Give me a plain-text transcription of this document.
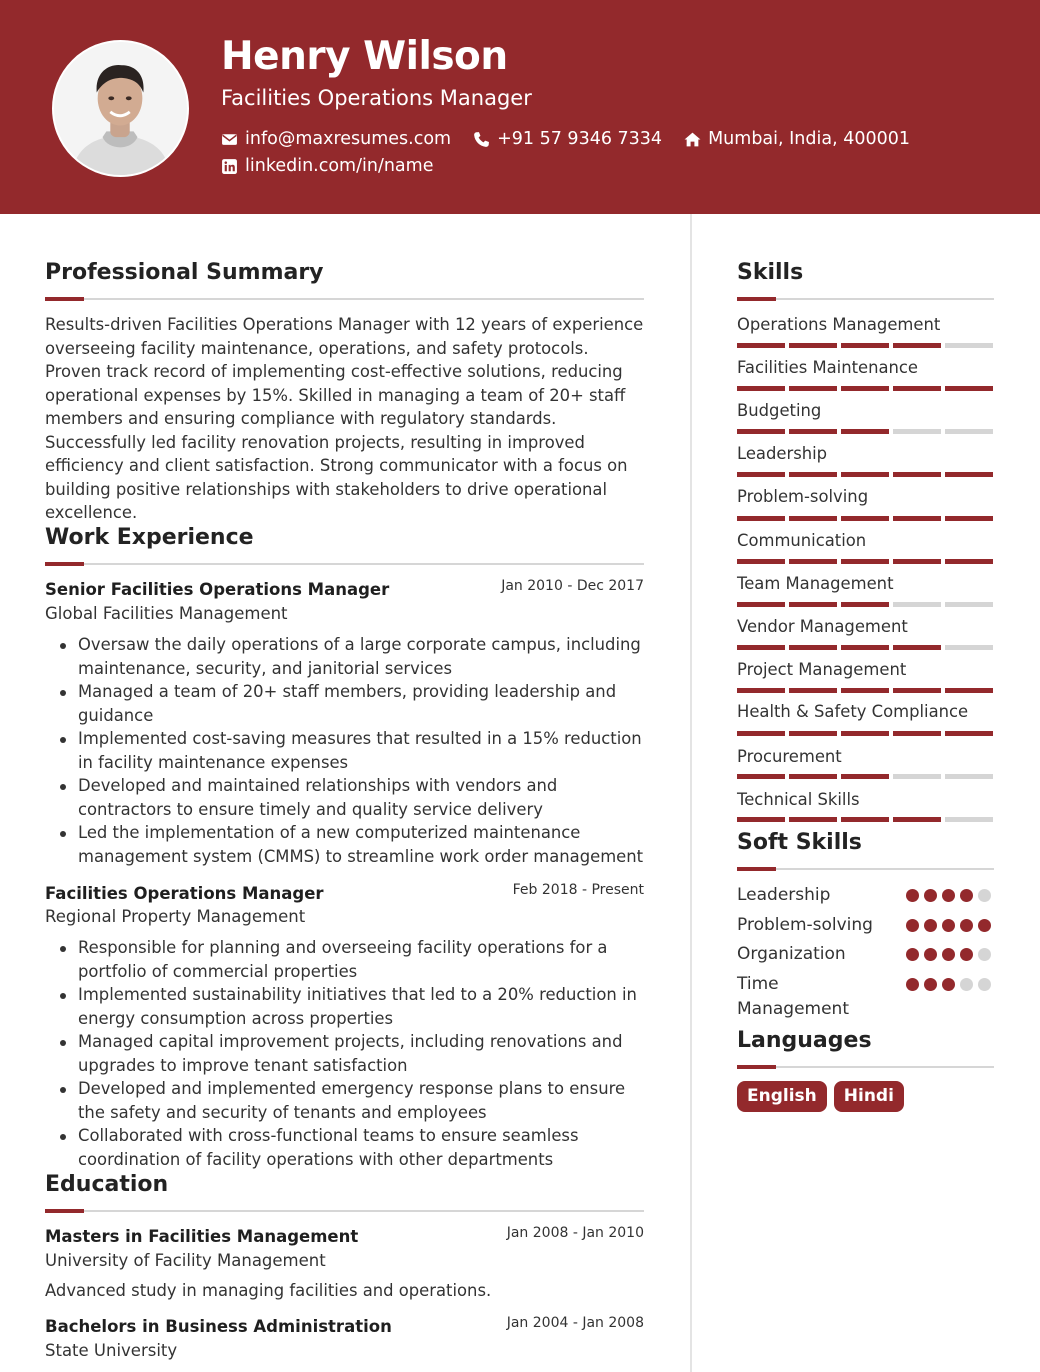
Henry Wilson
Facilities Operations Manager
info@maxresumes.com	+91 57 9346 7334	Mumbai, India, 400001
linkedin.com/in/name
Professional Summary
Results-driven Facilities Operations Manager with 12 years of experience overseeing facility maintenance, operations, and safety protocols. Proven track record of implementing cost-effective solutions, reducing operational expenses by 15%. Skilled in managing a team of 20+ staff members and ensuring compliance with regulatory standards. Successfully led facility renovation projects, resulting in improved efficiency and client satisfaction. Strong communicator with a focus on building positive relationships with stakeholders to drive operational excellence.
Work Experience
Senior Facilities Operations Manager	Jan 2010 - Dec 2017
Global Facilities Management
Oversaw the daily operations of a large corporate campus, including maintenance, security, and janitorial services
Managed a team of 20+ staff members, providing leadership and guidance
Implemented cost-saving measures that resulted in a 15% reduction in facility maintenance expenses
Developed and maintained relationships with vendors and contractors to ensure timely and quality service delivery
Led the implementation of a new computerized maintenance management system (CMMS) to streamline work order management
Facilities Operations Manager	Feb 2018 - Present
Regional Property Management
Responsible for planning and overseeing facility operations for a portfolio of commercial properties
Implemented sustainability initiatives that led to a 20% reduction in energy consumption across properties
Managed capital improvement projects, including renovations and upgrades to improve tenant satisfaction
Developed and implemented emergency response plans to ensure the safety and security of tenants and employees
Collaborated with cross-functional teams to ensure seamless coordination of facility operations with other departments
Education
Masters in Facilities Management	Jan 2008 - Jan 2010
University of Facility Management
Advanced study in managing facilities and operations.
Bachelors in Business Administration	Jan 2004 - Jan 2008
State University
Skills
Operations Management
Facilities Maintenance
Budgeting
Leadership
Problem-solving
Communication
Team Management
Vendor Management
Project Management
Health & Safety Compliance
Procurement
Technical Skills
Soft Skills
Leadership
Problem-solving
Organization
Time Management
Languages
English	Hindi
